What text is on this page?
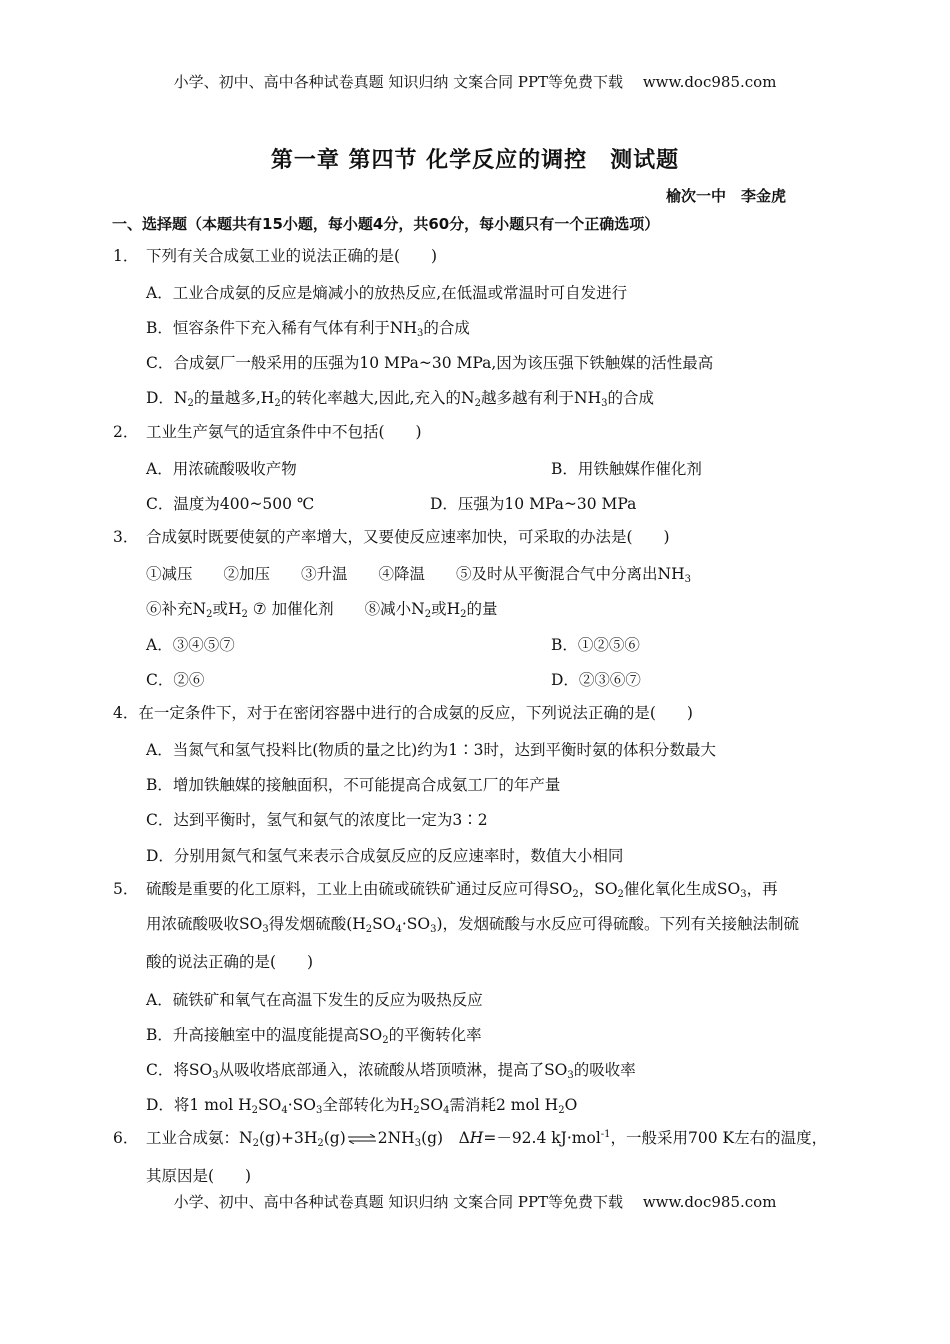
小学、初中、高中各种试卷真题 知识归纳 文案合同 PPT等免费下载　 www.doc985.com
第一章 第四节 化学反应的调控　测试题
榆次一中　李金虎
一、选择题（本题共有15小题，每小题4分，共60分，每小题只有一个正确选项）
1． 下列有关合成氨工业的说法正确的是(　　)
A．工业合成氨的反应是熵减小的放热反应,在低温或常温时可自发进行
B．恒容条件下充入稀有气体有利于$NH_3$的合成
C．合成氨厂一般采用的压强为10 MPa~30 MPa,因为该压强下铁触媒的活性最高
D．$N_2$的量越多$,H_2$的转化率越大,因此,充入的$N_2$越多越有利于$NH_3$的合成
2． 工业生产氨气的适宜条件中不包括(　　)
A．用浓硫酸吸收产物	B．用铁触媒作催化剂
C．温度为400~500 ℃	D．压强为10 MPa~30 MPa
3． 合成氨时既要使氨的产率增大，又要使反应速率加快，可采取的办法是(　　)
①减压　　②加压　　③升温　　④降温　　⑤及时从平衡混合气中分离出$NH_3$
⑥补充$N_2$或$H_2$ ⑦ 加催化剂　　⑧减小$N_2$或$H_2$的量
A．③④⑤⑦	B．①②⑤⑥
C．②⑥	D．②③⑥⑦
4．在一定条件下，对于在密闭容器中进行的合成氨的反应，下列说法正确的是(　　)
A．当氮气和氢气投料比(物质的量之比)约为1∶3时，达到平衡时氨的体积分数最大
B．增加铁触媒的接触面积，不可能提高合成氨工厂的年产量
C．达到平衡时，氢气和氨气的浓度比一定为3∶2
D．分别用氮气和氢气来表示合成氨反应的反应速率时，数值大小相同
5． 硫酸是重要的化工原料，工业上由硫或硫铁矿通过反应可得$SO_2$，$SO_2$催化氧化生成$SO_3$，再
用浓硫酸吸收$SO_3$得发烟硫酸$(H_2SO_4\cdot SO_3)$，发烟硫酸与水反应可得硫酸。下列有关接触法制硫
酸的说法正确的是(　　)
A．硫铁矿和氧气在高温下发生的反应为吸热反应
B．升高接触室中的温度能提高$SO_2$的平衡转化率
C．将$SO_3$从吸收塔底部通入，浓硫酸从塔顶喷淋，提高了$SO_3$的吸收率
D．将1 mol $H_2SO_4\cdot SO_3$全部转化为$H_2SO_4$需消耗2 mol $H_2O$
6． 工业合成氨：$N_2(g)+3H_2(g)\rightleftharpoons 2NH_3(g)$　ΔH=－92.4 kJ·mol$^{-1}$，一般采用700 K左右的温度，
其原因是(　　)
小学、初中、高中各种试卷真题 知识归纳 文案合同 PPT等免费下载　 www.doc985.com
